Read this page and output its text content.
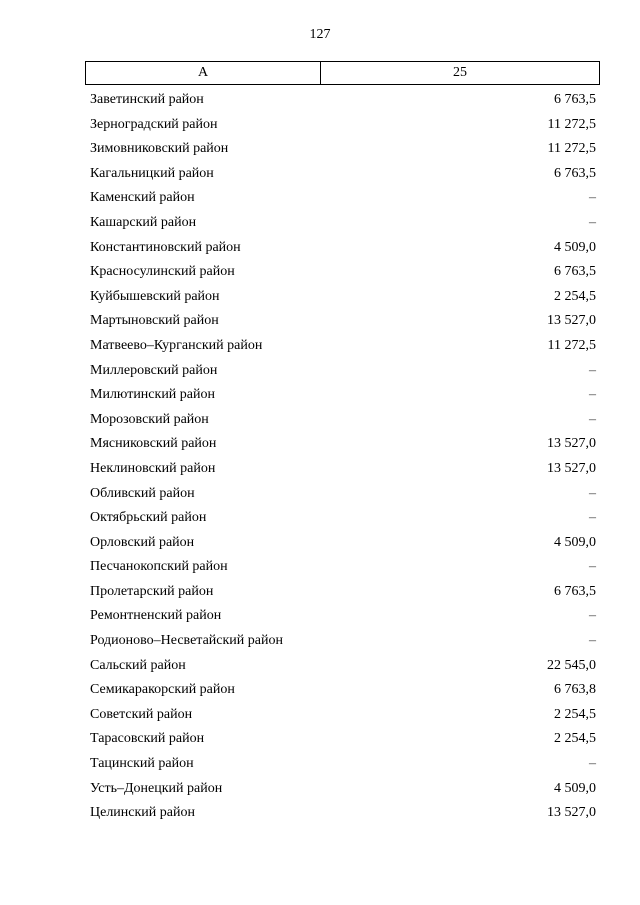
127
А	25
Заветинский район	6 763,5
Зерноградский район	11 272,5
Зимовниковский район	11 272,5
Кагальницкий район	6 763,5
Каменский район	–
Кашарский район	–
Константиновский район	4 509,0
Красносулинский район	6 763,5
Куйбышевский район	2 254,5
Мартыновский район	13 527,0
Матвеево–Курганский район	11 272,5
Миллеровский район	–
Милютинский район	–
Морозовский район	–
Мясниковский район	13 527,0
Неклиновский район	13 527,0
Обливский район	–
Октябрьский район	–
Орловский район	4 509,0
Песчанокопский район	–
Пролетарский район	6 763,5
Ремонтненский район	–
Родионово–Несветайский район	–
Сальский район	22 545,0
Семикаракорский район	6 763,8
Советский район	2 254,5
Тарасовский район	2 254,5
Тацинский район	–
Усть–Донецкий район	4 509,0
Целинский район	13 527,0
